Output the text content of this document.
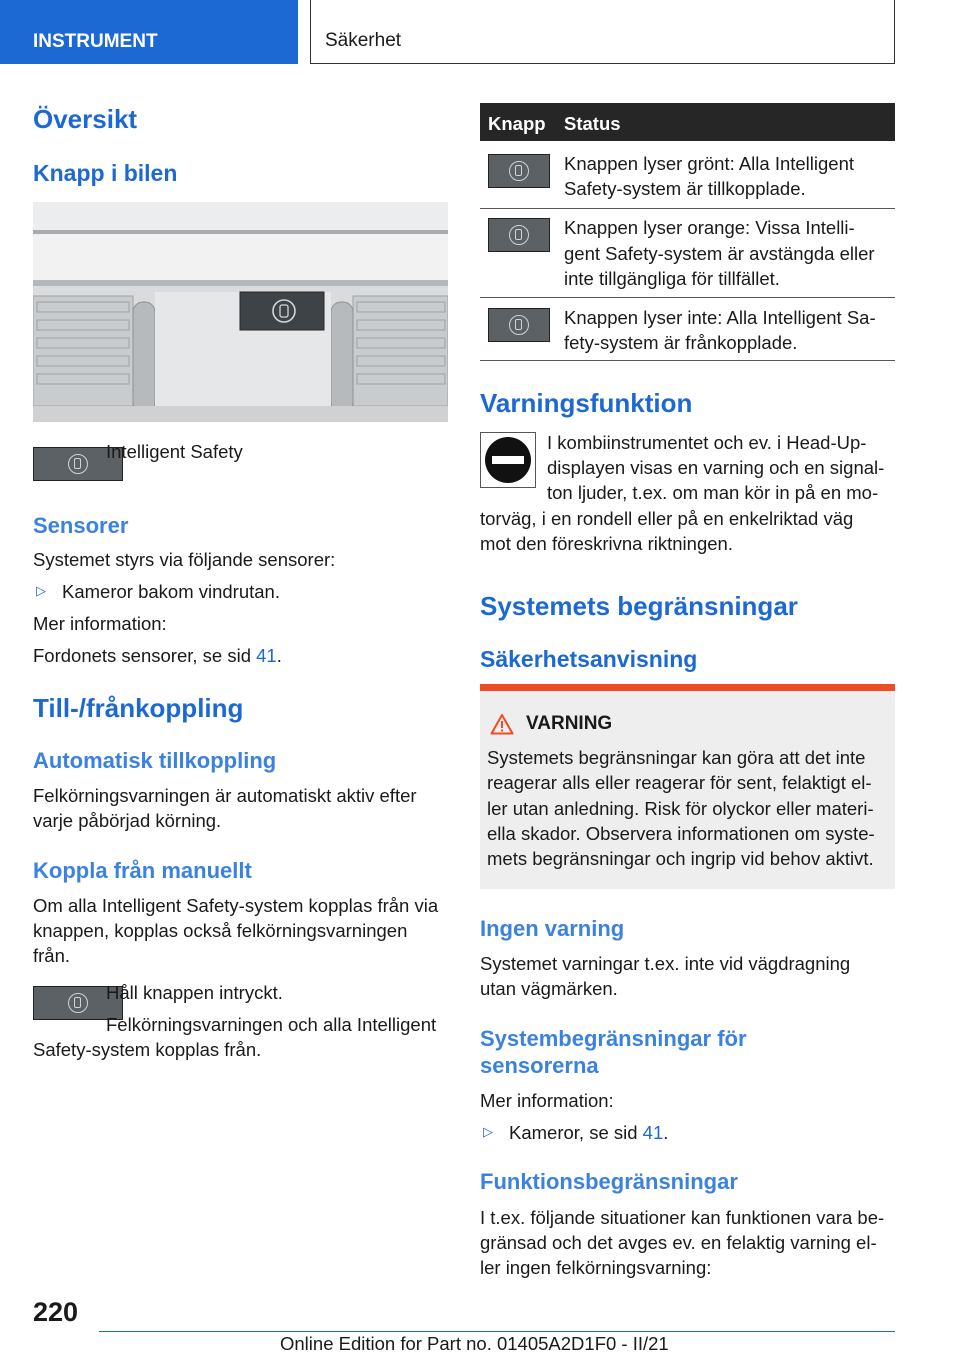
INSTRUMENT	Säkerhet
Översikt
Knapp i bilen
Intelligent Safety
Sensorer
Systemet styrs via följande sensorer:
▷ Kameror bakom vindrutan.
Mer information:
Fordonets sensorer, se sid 41.
Till-/frånkoppling
Automatisk tillkoppling
Felkörningsvarningen är automatiskt aktiv efter
varje påbörjad körning.
Koppla från manuellt
Om alla Intelligent Safety-system kopplas från via
knappen, kopplas också felkörningsvarningen
från.
Håll knappen intryckt.
Felkörningsvarningen och alla Intelligent
Safety-system kopplas från.
Knapp Status
Knappen lyser grönt: Alla Intelligent
Safety-system är tillkopplade.
Knappen lyser orange: Vissa Intelli-
gent Safety-system är avstängda eller
inte tillgängliga för tillfället.
Knappen lyser inte: Alla Intelligent Sa-
fety-system är frånkopplade.
Varningsfunktion
I kombiinstrumentet och ev. i Head-Up-
displayen visas en varning och en signal-
ton ljuder, t.ex. om man kör in på en mo-
torväg, i en rondell eller på en enkelriktad väg
mot den föreskrivna riktningen.
Systemets begränsningar
Säkerhetsanvisning
VARNING
Systemets begränsningar kan göra att det inte
reagerar alls eller reagerar för sent, felaktigt el-
ler utan anledning. Risk för olyckor eller materi-
ella skador. Observera informationen om syste-
mets begränsningar och ingrip vid behov aktivt.
Ingen varning
Systemet varningar t.ex. inte vid vägdragning
utan vägmärken.
Systembegränsningar för
sensorerna
Mer information:
▷ Kameror, se sid 41.
Funktionsbegränsningar
I t.ex. följande situationer kan funktionen vara be-
gränsad och det avges ev. en felaktig varning el-
ler ingen felkörningsvarning:
220
Online Edition for Part no. 01405A2D1F0 - II/21
